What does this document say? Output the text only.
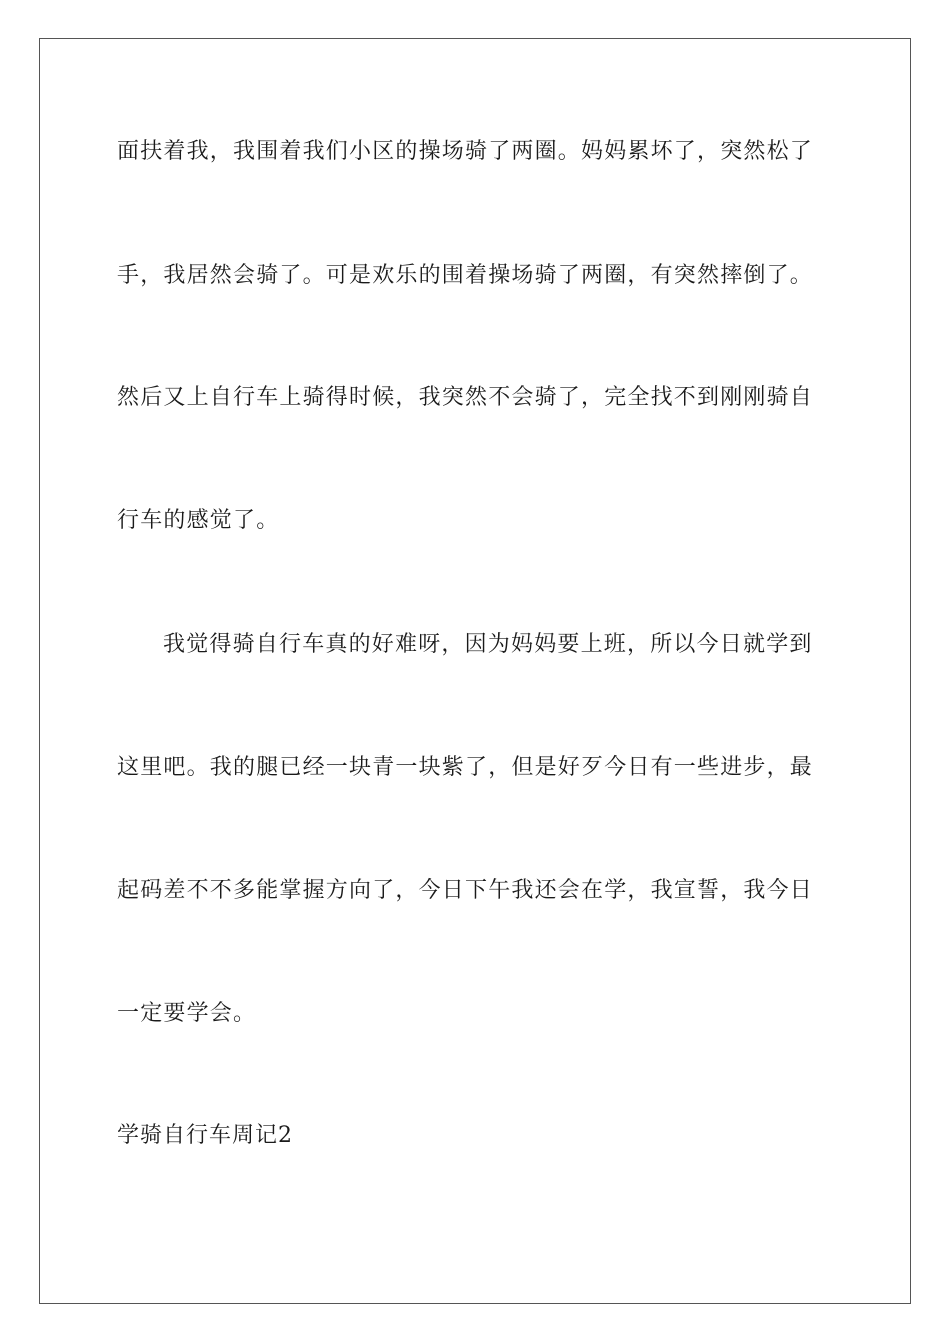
面扶着我，我围着我们小区的操场骑了两圈。妈妈累坏了，突然松了
手，我居然会骑了。可是欢乐的围着操场骑了两圈，有突然摔倒了。
然后又上自行车上骑得时候，我突然不会骑了，完全找不到刚刚骑自
行车的感觉了。
我觉得骑自行车真的好难呀，因为妈妈要上班，所以今日就学到
这里吧。我的腿已经一块青一块紫了，但是好歹今日有一些进步，最
起码差不不多能掌握方向了，今日下午我还会在学，我宣誓，我今日
一定要学会。
学骑自行车周记2
